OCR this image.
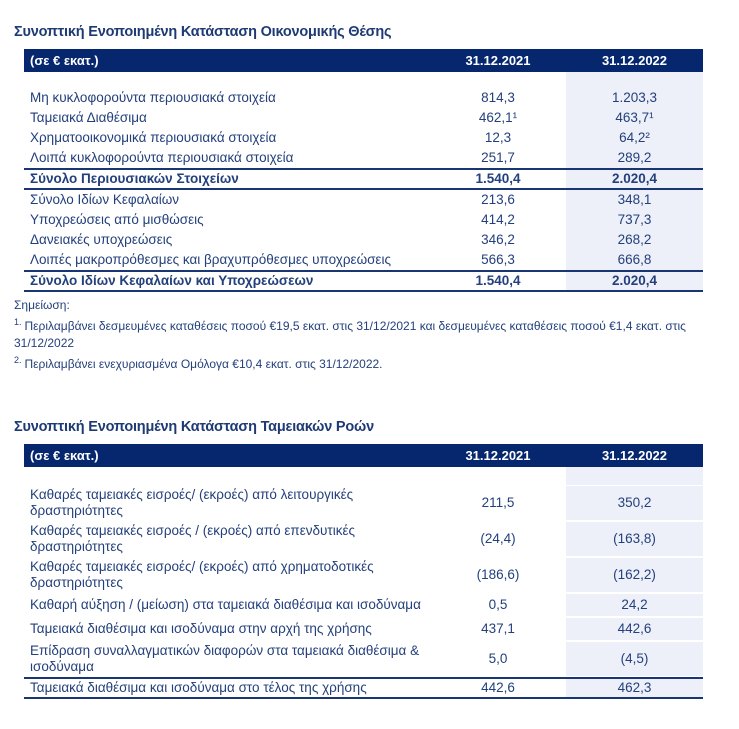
Συνοπτική Ενοποιημένη Κατάσταση Οικονομικής Θέσης
(σε € εκατ.)	31.12.2021	31.12.2022
Μη κυκλοφορούντα περιουσιακά στοιχεία	814,3	1.203,3
Ταμειακά Διαθέσιμα	462,1¹	463,7¹
Χρηματοοικονομικά περιουσιακά στοιχεία	12,3	64,2²
Λοιπά κυκλοφορούντα περιουσιακά στοιχεία	251,7	289,2
Σύνολο Περιουσιακών Στοιχείων	1.540,4	2.020,4
Σύνολο Ιδίων Κεφαλαίων	213,6	348,1
Υποχρεώσεις από μισθώσεις	414,2	737,3
Δανειακές υποχρεώσεις	346,2	268,2
Λοιπές μακροπρόθεσμες και βραχυπρόθεσμες υποχρεώσεις	566,3	666,8
Σύνολο Ιδίων Κεφαλαίων και Υποχρεώσεων	1.540,4	2.020,4

Σημείωση:

$^{1.}$ Περιλαμβάνει δεσμευμένες καταθέσεις ποσού €19,5 εκατ. στις 31/12/2021 και δεσμευμένες καταθέσεις ποσού €1,4 εκατ. στις 31/12/2022

$^{2.}$ Περιλαμβάνει ενεχυριασμένα Ομόλογα €10,4 εκατ. στις 31/12/2022.

Συνοπτική Ενοποιημένη Κατάσταση Ταμειακών Ροών
(σε € εκατ.)	31.12.2021	31.12.2022
Καθαρές ταμειακές εισροές/ (εκροές) από λειτουργικές δραστηριότητες
211,5	350,2
Καθαρές ταμειακές εισροές / (εκροές) από επενδυτικές δραστηριότητες
(24,4)	(163,8)
Καθαρές ταμειακές εισροές/ (εκροές) από χρηματοδοτικές δραστηριότητες
(186,6)	(162,2)
Καθαρή αύξηση / (μείωση) στα ταμειακά διαθέσιμα και ισοδύναμα	0,5	24,2
Ταμειακά διαθέσιμα και ισοδύναμα στην αρχή της χρήσης	437,1	442,6
Επίδραση συναλλαγματικών διαφορών στα ταμειακά διαθέσιμα & ισοδύναμα
5,0	(4,5)
Ταμειακά διαθέσιμα και ισοδύναμα στο τέλος της χρήσης	442,6	462,3
